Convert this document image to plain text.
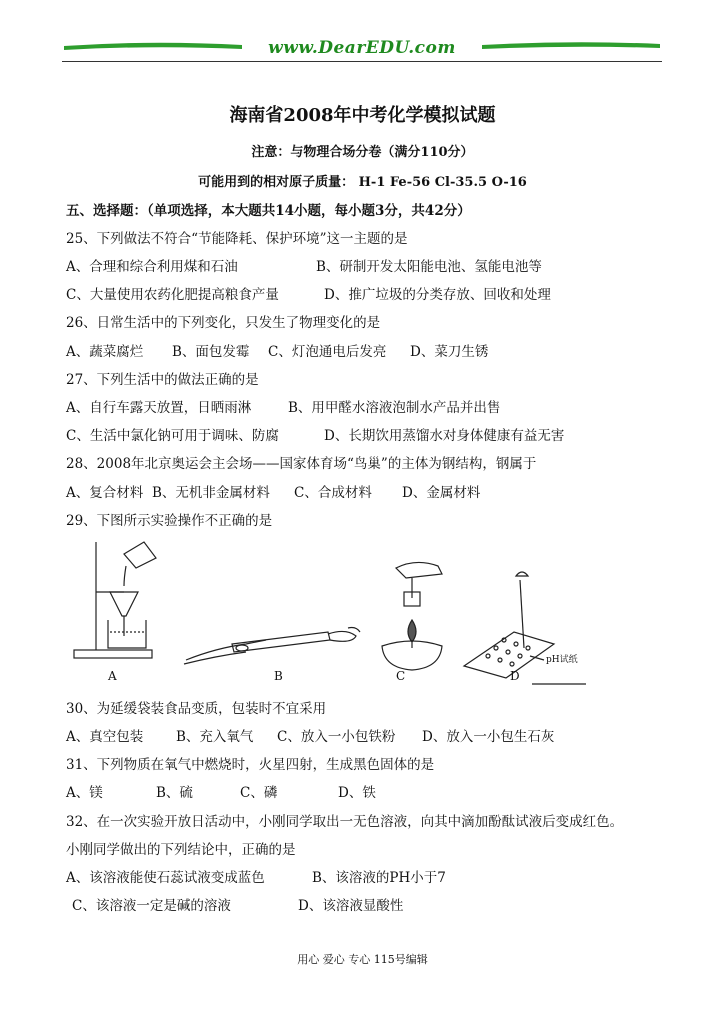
www.DearEDU.com
海南省2008年中考化学模拟试题
注意：与物理合场分卷（满分110分）
可能用到的相对原子质量： H-1 Fe-56 Cl-35.5 O-16
五、选择题：（单项选择，本大题共14小题，每小题3分，共42分）
25、下列做法不符合“节能降耗、保护环境”这一主题的是
A、合理和综合利用煤和石油	B、研制开发太阳能电池、氢能电池等
C、大量使用农药化肥提高粮食产量	D、推广垃圾的分类存放、回收和处理
26、日常生活中的下列变化，只发生了物理变化的是
A、蔬菜腐烂 B、面包发霉 C、灯泡通电后发亮 D、菜刀生锈
27、下列生活中的做法正确的是
A、自行车露天放置，日晒雨淋	B、用甲醛水溶液泡制水产品并出售
C、生活中氯化钠可用于调味、防腐	D、长期饮用蒸馏水对身体健康有益无害
28、2008年北京奥运会主会场——国家体育场“鸟巢”的主体为钢结构，钢属于
A、复合材料 B、无机非金属材料 C、合成材料 D、金属材料
29、下图所示实验操作不正确的是
A	B	C	D
pH试纸
30、为延缓袋装食品变质，包装时不宜采用
A、真空包装 B、充入氧气 C、放入一小包铁粉 D、放入一小包生石灰
31、下列物质在氧气中燃烧时，火星四射，生成黑色固体的是
A、镁	B、硫	C、磷	D、铁
32、在一次实验开放日活动中，小刚同学取出一无色溶液，向其中滴加酚酞试液后变成红色。
小刚同学做出的下列结论中，正确的是
A、该溶液能使石蕊试液变成蓝色	B、该溶液的PH小于7
C、该溶液一定是碱的溶液	D、该溶液显酸性
用心 爱心 专心 115号编辑
